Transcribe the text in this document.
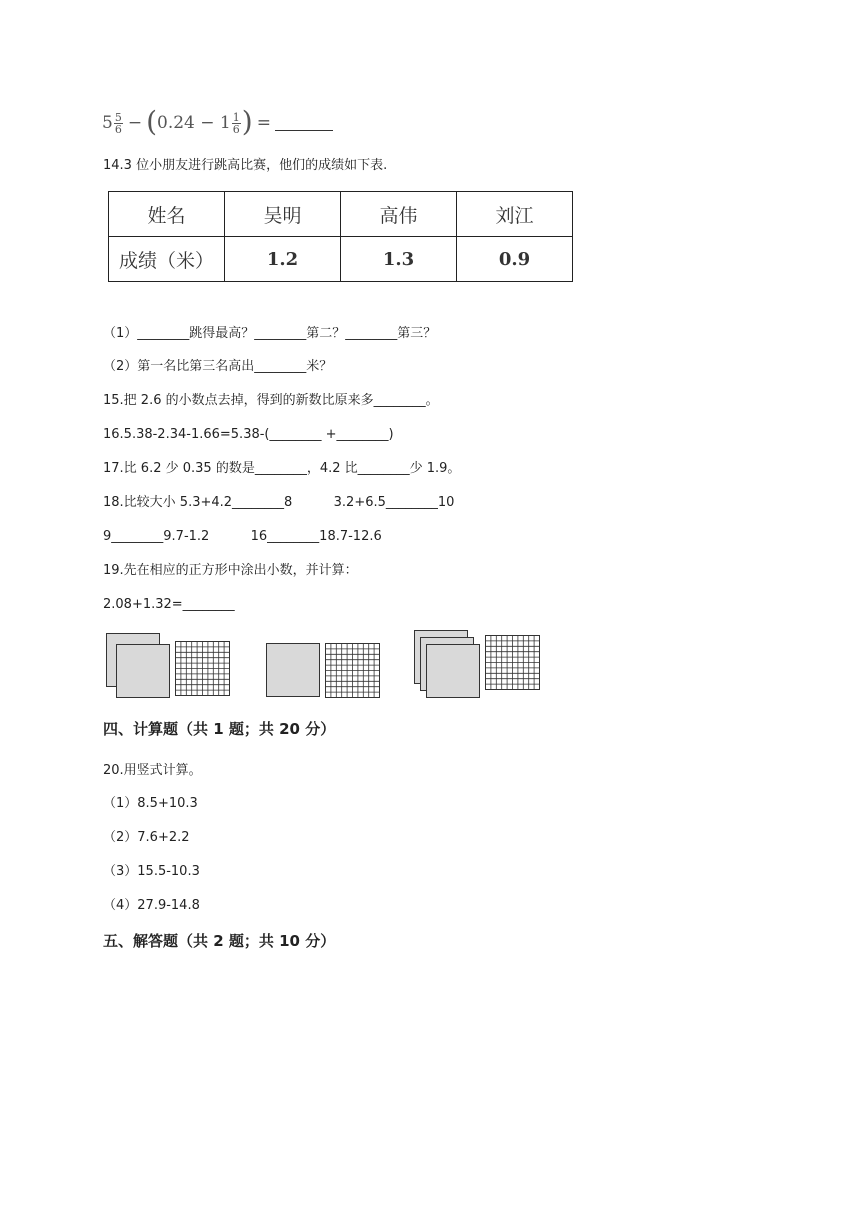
$5 \frac{5}{6}$ − ( $0.24 - 1 \frac{1}{6}$ ) =
14.3 位小朋友进行跳高比赛，他们的成绩如下表.
姓名	吴明	高伟	刘江
成绩（米）	1.2	1.3	0.9
（1）________跳得最高？________第二？________第三？
（2）第一名比第三名高出________米？
15.把 2.6 的小数点去掉，得到的新数比原来多________。
16.5.38-2.34-1.66=5.38-(________ +________)
17.比 6.2 少 0.35 的数是________，4.2 比________少 1.9。
18.比较大小 5.3+4.2________8          3.2+6.5________10
9________9.7-1.2          16________18.7-12.6
19.先在相应的正方形中涂出小数，并计算：
2.08+1.32=________
四、计算题（共 1 题；共 20 分）
20.用竖式计算。
（1）8.5+10.3
（2）7.6+2.2
（3）15.5-10.3
（4）27.9-14.8
五、解答题（共 2 题；共 10 分）
